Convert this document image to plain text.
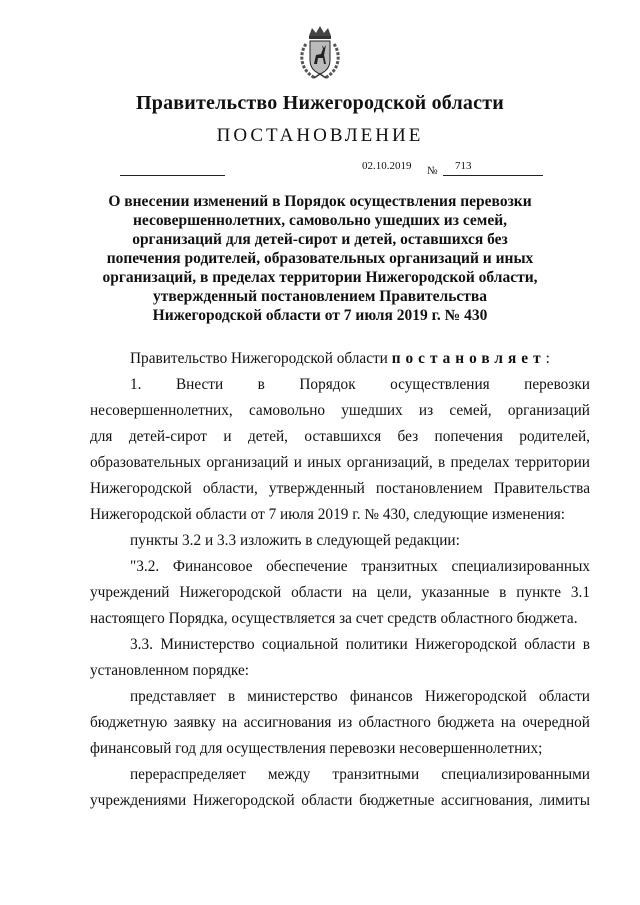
Правительство Нижегородской области
ПОСТАНОВЛЕНИЕ
02.10.2019 № 713
О внесении изменений в Порядок осуществления перевозки
несовершеннолетних, самовольно ушедших из семей,
организаций для детей-сирот и детей, оставшихся без
попечения родителей, образовательных организаций и иных
организаций, в пределах территории Нижегородской области,
утвержденный постановлением Правительства
Нижегородской области от 7 июля 2019 г. № 430
Правительство Нижегородской области постановляет:
1. Внести в Порядок осуществления перевозки
несовершеннолетних, самовольно ушедших из семей, организаций
для детей-сирот и детей, оставшихся без попечения родителей,
образовательных организаций и иных организаций, в пределах территории
Нижегородской области, утвержденный постановлением Правительства
Нижегородской области от 7 июля 2019 г. № 430, следующие изменения:
пункты 3.2 и 3.3 изложить в следующей редакции:
"3.2. Финансовое обеспечение транзитных специализированных
учреждений Нижегородской области на цели, указанные в пункте 3.1
настоящего Порядка, осуществляется за счет средств областного бюджета.
3.3. Министерство социальной политики Нижегородской области в
установленном порядке:
представляет в министерство финансов Нижегородской области
бюджетную заявку на ассигнования из областного бюджета на очередной
финансовый год для осуществления перевозки несовершеннолетних;
перераспределяет между транзитными специализированными
учреждениями Нижегородской области бюджетные ассигнования, лимиты
